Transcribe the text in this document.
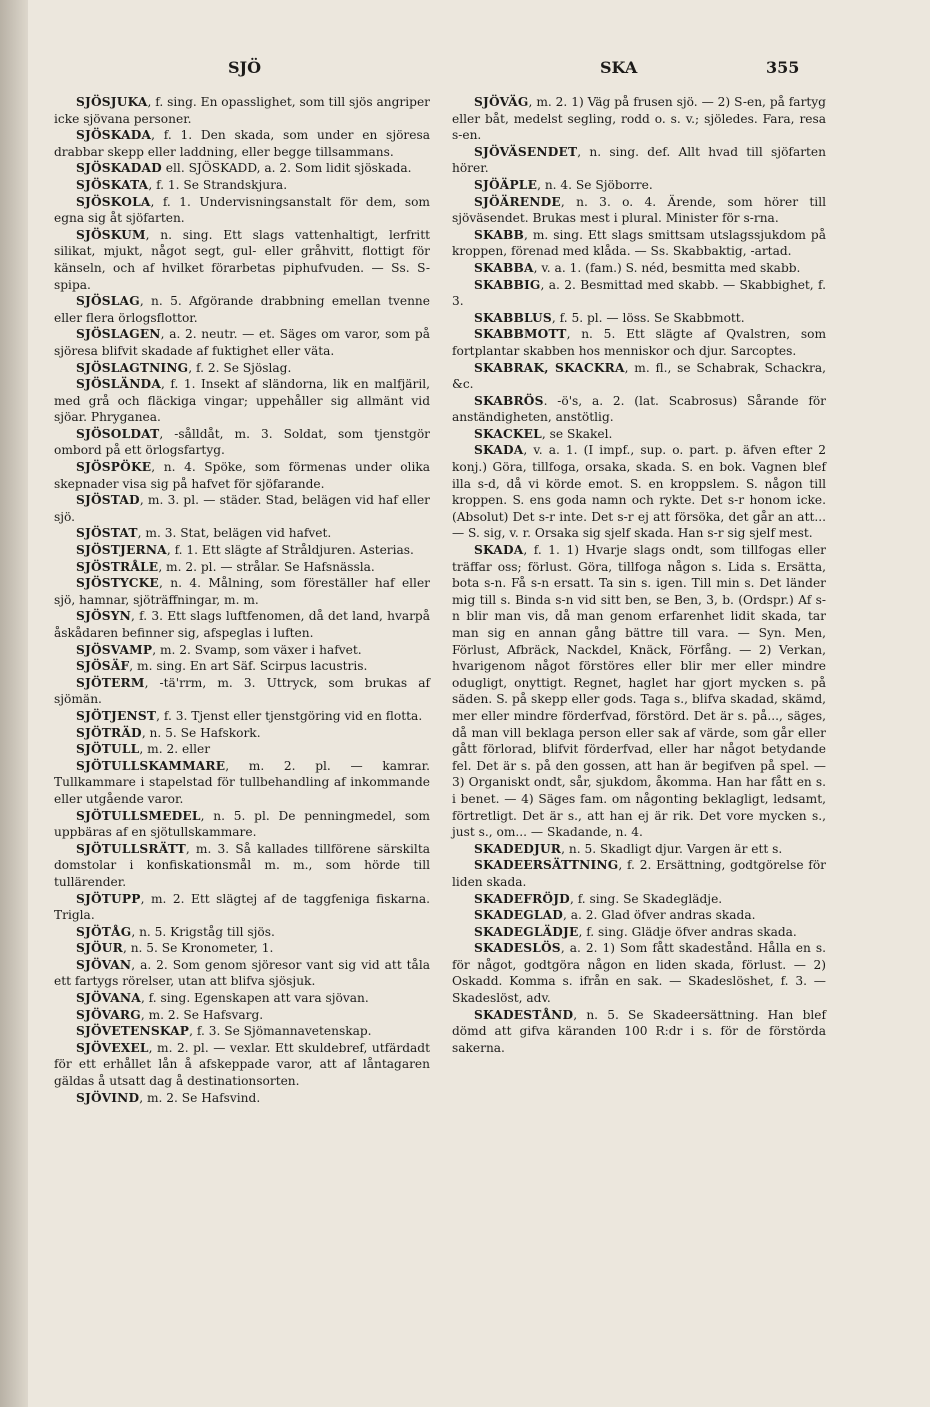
SJÖ	SKA	355

SJÖSJUKA, f. sing. En opasslighet, som till sjös angriper icke sjövana personer.

SJÖSKADA, f. 1. Den skada, som under en sjöresa drabbar skepp eller laddning, eller begge tillsammans.

SJÖSKADAD ell. SJÖSKADD, a. 2. Som lidit sjöskada.

SJÖSKATA, f. 1. Se Strandskjura.

SJÖSKOLA, f. 1. Undervisningsanstalt för dem, som egna sig åt sjöfarten.

SJÖSKUM, n. sing. Ett slags vattenhaltigt, lerfritt silikat, mjukt, något segt, gul- eller gråhvitt, flottigt för känseln, och af hvilket förarbetas piphufvuden. — Ss. S-spipa.

SJÖSLAG, n. 5. Afgörande drabbning emellan tvenne eller flera örlogsflottor.

SJÖSLAGEN, a. 2. neutr. — et. Säges om varor, som på sjöresa blifvit skadade af fuktighet eller väta.

SJÖSLAGTNING, f. 2. Se Sjöslag.

SJÖSLÄNDA, f. 1. Insekt af sländorna, lik en malfjäril, med grå och fläckiga vingar; uppehåller sig allmänt vid sjöar. Phryganea.

SJÖSOLDAT, -sålldåt, m. 3. Soldat, som tjenstgör ombord på ett örlogsfartyg.

SJÖSPÖKE, n. 4. Spöke, som förmenas under olika skepnader visa sig på hafvet för sjöfarande.

SJÖSTAD, m. 3. pl. — städer. Stad, belägen vid haf eller sjö.

SJÖSTAT, m. 3. Stat, belägen vid hafvet.

SJÖSTJERNA, f. 1. Ett slägte af Stråldjuren. Asterias.

SJÖSTRÅLE, m. 2. pl. — strålar. Se Hafsnässla.

SJÖSTYCKE, n. 4. Målning, som föreställer haf eller sjö, hamnar, sjöträffningar, m. m.

SJÖSYN, f. 3. Ett slags luftfenomen, då det land, hvarpå åskådaren befinner sig, afspeglas i luften.

SJÖSVAMP, m. 2. Svamp, som växer i hafvet.

SJÖSÄF, m. sing. En art Säf. Scirpus lacustris.

SJÖTERM, -tä'rrm, m. 3. Uttryck, som brukas af sjömän.

SJÖTJENST, f. 3. Tjenst eller tjenstgöring vid en flotta.

SJÖTRÄD, n. 5. Se Hafskork.

SJÖTULL, m. 2. eller

SJÖTULLSKAMMARE, m. 2. pl. — kamrar. Tullkammare i stapelstad för tullbehandling af inkommande eller utgående varor.

SJÖTULLSMEDEL, n. 5. pl. De penningmedel, som uppbäras af en sjötullskammare.

SJÖTULLSRÄTT, m. 3. Så kallades tillförene särskilta domstolar i konfiskationsmål m. m., som hörde till tullärender.

SJÖTUPP, m. 2. Ett slägtej af de taggfeniga fiskarna. Trigla.

SJÖTÅG, n. 5. Krigståg till sjös.

SJÖUR, n. 5. Se Kronometer, 1.

SJÖVAN, a. 2. Som genom sjöresor vant sig vid att tåla ett fartygs rörelser, utan att blifva sjösjuk.

SJÖVANA, f. sing. Egenskapen att vara sjövan.

SJÖVARG, m. 2. Se Hafsvarg.

SJÖVETENSKAP, f. 3. Se Sjömannavetenskap.

SJÖVEXEL, m. 2. pl. — vexlar. Ett skuldebref, utfärdadt för ett erhållet lån å afskeppade varor, att af låntagaren gäldas å utsatt dag å destinationsorten.

SJÖVIND, m. 2. Se Hafsvind.

SJÖVÄG, m. 2. 1) Väg på frusen sjö. — 2) S-en, på fartyg eller båt, medelst segling, rodd o. s. v.; sjöledes. Fara, resa s-en.

SJÖVÄSENDET, n. sing. def. Allt hvad till sjöfarten hörer.

SJÖÄPLE, n. 4. Se Sjöborre.

SJÖÄRENDE, n. 3. o. 4. Ärende, som hörer till sjöväsendet. Brukas mest i plural. Minister för s-rna.

SKABB, m. sing. Ett slags smittsam utslagssjukdom på kroppen, förenad med klåda. — Ss. Skabbaktig, -artad.

SKABBA, v. a. 1. (fam.) S. néd, besmitta med skabb.

SKABBIG, a. 2. Besmittad med skabb. — Skabbighet, f. 3.

SKABBLUS, f. 5. pl. — löss. Se Skabbmott.

SKABBMOTT, n. 5. Ett slägte af Qvalstren, som fortplantar skabben hos menniskor och djur. Sarcoptes.

SKABRAK, SKACKRA, m. fl., se Schabrak, Schackra, &c.

SKABRÖS. -ö's, a. 2. (lat. Scabrosus) Sårande för anständigheten, anstötlig.

SKACKEL, se Skakel.

SKADA, v. a. 1. (I impf., sup. o. part. p. äfven efter 2 konj.) Göra, tillfoga, orsaka, skada. S. en bok. Vagnen blef illa s-d, då vi körde emot. S. en kroppslem. S. någon till kroppen. S. ens goda namn och rykte. Det s-r honom icke. (Absolut) Det s-r inte. Det s-r ej att försöka, det går an att... — S. sig, v. r. Orsaka sig sjelf skada. Han s-r sig sjelf mest.

SKADA, f. 1. 1) Hvarje slags ondt, som tillfogas eller träffar oss; förlust. Göra, tillfoga någon s. Lida s. Ersätta, bota s-n. Få s-n ersatt. Ta sin s. igen. Till min s. Det länder mig till s. Binda s-n vid sitt ben, se Ben, 3, b. (Ordspr.) Af s-n blir man vis, då man genom erfarenhet lidit skada, tar man sig en annan gång bättre till vara. — Syn. Men, Förlust, Afbräck, Nackdel, Knäck, Förfång. — 2) Verkan, hvarigenom något förstöres eller blir mer eller mindre odugligt, onyttigt. Regnet, haglet har gjort mycken s. på säden. S. på skepp eller gods. Taga s., blifva skadad, skämd, mer eller mindre förderfvad, förstörd. Det är s. på..., säges, då man vill beklaga person eller sak af värde, som går eller gått förlorad, blifvit förderfvad, eller har något betydande fel. Det är s. på den gossen, att han är begifven på spel. — 3) Organiskt ondt, sår, sjukdom, åkomma. Han har fått en s. i benet. — 4) Säges fam. om någonting beklagligt, ledsamt, förtretligt. Det är s., att han ej är rik. Det vore mycken s., just s., om... — Skadande, n. 4.

SKADEDJUR, n. 5. Skadligt djur. Vargen är ett s.

SKADEERSÄTTNING, f. 2. Ersättning, godtgörelse för liden skada.

SKADEFRÖJD, f. sing. Se Skadeglädje.

SKADEGLAD, a. 2. Glad öfver andras skada.

SKADEGLÄDJE, f. sing. Glädje öfver andras skada.

SKADESLÖS, a. 2. 1) Som fått skadestånd. Hålla en s. för något, godtgöra någon en liden skada, förlust. — 2) Oskadd. Komma s. ifrån en sak. — Skadeslöshet, f. 3. — Skadeslöst, adv.

SKADESTÅND, n. 5. Se Skadeersättning. Han blef dömd att gifva käranden 100 R:dr i s. för de förstörda sakerna.
